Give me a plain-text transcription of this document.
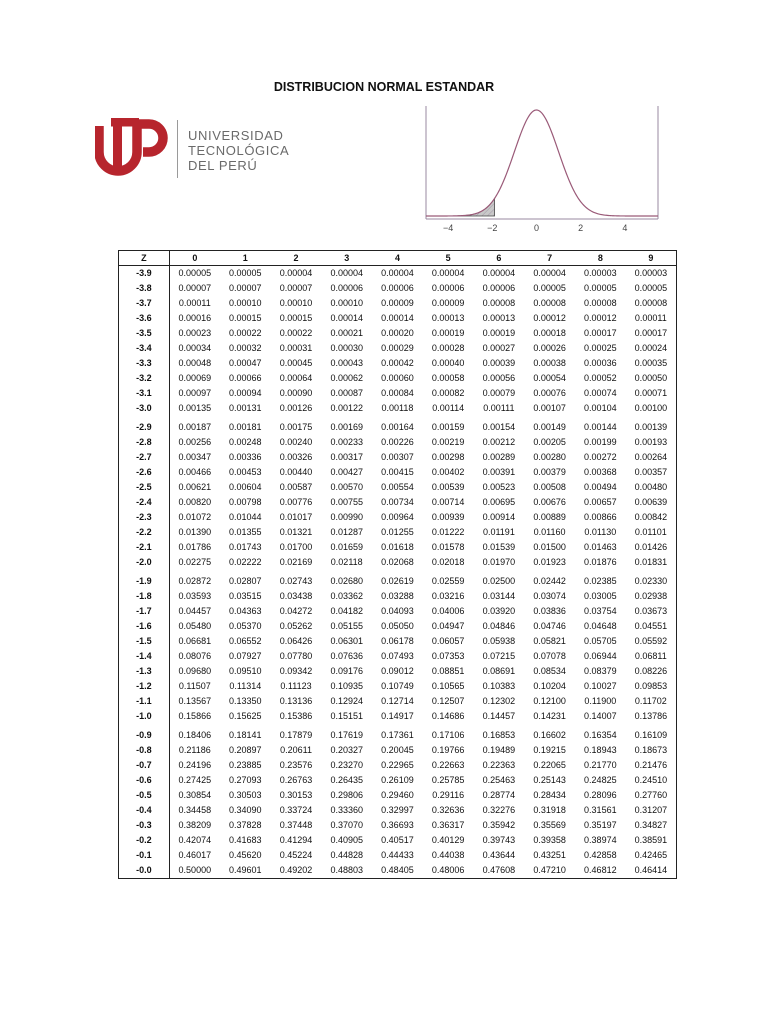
DISTRIBUCION NORMAL ESTANDAR
UNIVERSIDAD
TECNOLÓGICA
DEL PERÚ
−4	−2	0	2	4
Z	0	1	2	3	4	5	6	7	8	9
-3.9	0.00005	0.00005	0.00004	0.00004	0.00004	0.00004	0.00004	0.00004	0.00003	0.00003
-3.8	0.00007	0.00007	0.00007	0.00006	0.00006	0.00006	0.00006	0.00005	0.00005	0.00005
-3.7	0.00011	0.00010	0.00010	0.00010	0.00009	0.00009	0.00008	0.00008	0.00008	0.00008
-3.6	0.00016	0.00015	0.00015	0.00014	0.00014	0.00013	0.00013	0.00012	0.00012	0.00011
-3.5	0.00023	0.00022	0.00022	0.00021	0.00020	0.00019	0.00019	0.00018	0.00017	0.00017
-3.4	0.00034	0.00032	0.00031	0.00030	0.00029	0.00028	0.00027	0.00026	0.00025	0.00024
-3.3	0.00048	0.00047	0.00045	0.00043	0.00042	0.00040	0.00039	0.00038	0.00036	0.00035
-3.2	0.00069	0.00066	0.00064	0.00062	0.00060	0.00058	0.00056	0.00054	0.00052	0.00050
-3.1	0.00097	0.00094	0.00090	0.00087	0.00084	0.00082	0.00079	0.00076	0.00074	0.00071
-3.0	0.00135	0.00131	0.00126	0.00122	0.00118	0.00114	0.00111	0.00107	0.00104	0.00100
-2.9	0.00187	0.00181	0.00175	0.00169	0.00164	0.00159	0.00154	0.00149	0.00144	0.00139
-2.8	0.00256	0.00248	0.00240	0.00233	0.00226	0.00219	0.00212	0.00205	0.00199	0.00193
-2.7	0.00347	0.00336	0.00326	0.00317	0.00307	0.00298	0.00289	0.00280	0.00272	0.00264
-2.6	0.00466	0.00453	0.00440	0.00427	0.00415	0.00402	0.00391	0.00379	0.00368	0.00357
-2.5	0.00621	0.00604	0.00587	0.00570	0.00554	0.00539	0.00523	0.00508	0.00494	0.00480
-2.4	0.00820	0.00798	0.00776	0.00755	0.00734	0.00714	0.00695	0.00676	0.00657	0.00639
-2.3	0.01072	0.01044	0.01017	0.00990	0.00964	0.00939	0.00914	0.00889	0.00866	0.00842
-2.2	0.01390	0.01355	0.01321	0.01287	0.01255	0.01222	0.01191	0.01160	0.01130	0.01101
-2.1	0.01786	0.01743	0.01700	0.01659	0.01618	0.01578	0.01539	0.01500	0.01463	0.01426
-2.0	0.02275	0.02222	0.02169	0.02118	0.02068	0.02018	0.01970	0.01923	0.01876	0.01831
-1.9	0.02872	0.02807	0.02743	0.02680	0.02619	0.02559	0.02500	0.02442	0.02385	0.02330
-1.8	0.03593	0.03515	0.03438	0.03362	0.03288	0.03216	0.03144	0.03074	0.03005	0.02938
-1.7	0.04457	0.04363	0.04272	0.04182	0.04093	0.04006	0.03920	0.03836	0.03754	0.03673
-1.6	0.05480	0.05370	0.05262	0.05155	0.05050	0.04947	0.04846	0.04746	0.04648	0.04551
-1.5	0.06681	0.06552	0.06426	0.06301	0.06178	0.06057	0.05938	0.05821	0.05705	0.05592
-1.4	0.08076	0.07927	0.07780	0.07636	0.07493	0.07353	0.07215	0.07078	0.06944	0.06811
-1.3	0.09680	0.09510	0.09342	0.09176	0.09012	0.08851	0.08691	0.08534	0.08379	0.08226
-1.2	0.11507	0.11314	0.11123	0.10935	0.10749	0.10565	0.10383	0.10204	0.10027	0.09853
-1.1	0.13567	0.13350	0.13136	0.12924	0.12714	0.12507	0.12302	0.12100	0.11900	0.11702
-1.0	0.15866	0.15625	0.15386	0.15151	0.14917	0.14686	0.14457	0.14231	0.14007	0.13786
-0.9	0.18406	0.18141	0.17879	0.17619	0.17361	0.17106	0.16853	0.16602	0.16354	0.16109
-0.8	0.21186	0.20897	0.20611	0.20327	0.20045	0.19766	0.19489	0.19215	0.18943	0.18673
-0.7	0.24196	0.23885	0.23576	0.23270	0.22965	0.22663	0.22363	0.22065	0.21770	0.21476
-0.6	0.27425	0.27093	0.26763	0.26435	0.26109	0.25785	0.25463	0.25143	0.24825	0.24510
-0.5	0.30854	0.30503	0.30153	0.29806	0.29460	0.29116	0.28774	0.28434	0.28096	0.27760
-0.4	0.34458	0.34090	0.33724	0.33360	0.32997	0.32636	0.32276	0.31918	0.31561	0.31207
-0.3	0.38209	0.37828	0.37448	0.37070	0.36693	0.36317	0.35942	0.35569	0.35197	0.34827
-0.2	0.42074	0.41683	0.41294	0.40905	0.40517	0.40129	0.39743	0.39358	0.38974	0.38591
-0.1	0.46017	0.45620	0.45224	0.44828	0.44433	0.44038	0.43644	0.43251	0.42858	0.42465
-0.0	0.50000	0.49601	0.49202	0.48803	0.48405	0.48006	0.47608	0.47210	0.46812	0.46414
